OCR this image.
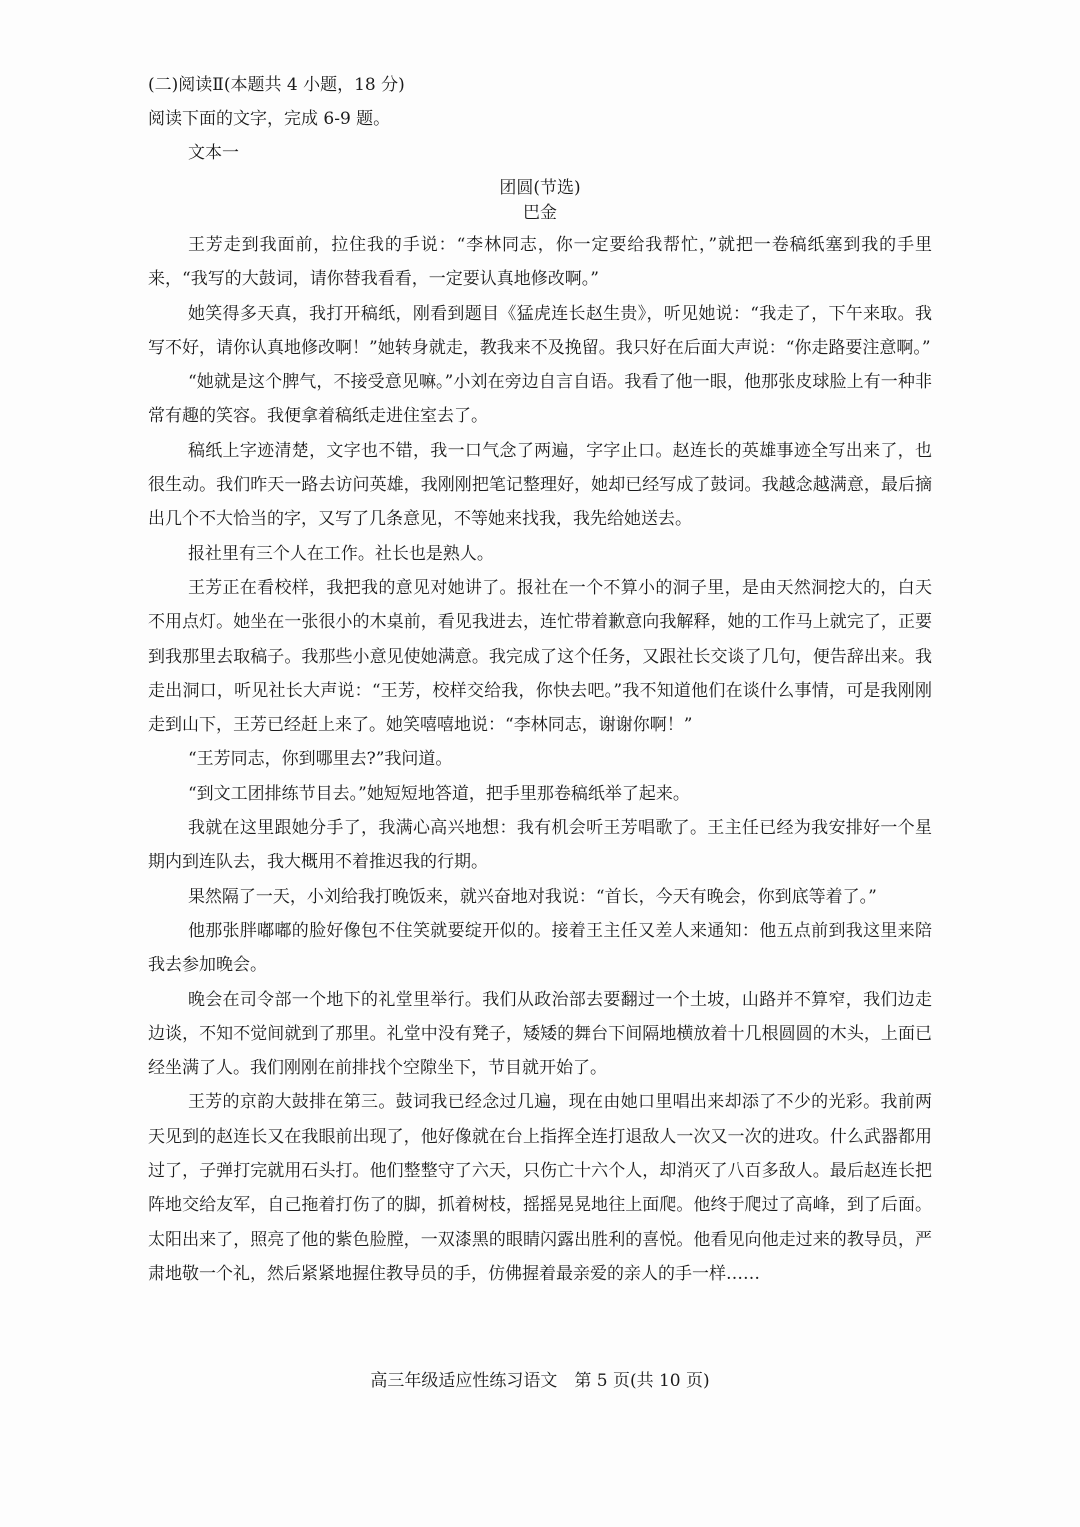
(二)阅读Ⅱ(本题共 4 小题，18 分)

阅读下面的文字，完成 6-9 题。

文本一

团圆(节选)

巴金

王芳走到我面前，拉住我的手说：“李林同志，你一定要给我帮忙，”就把一卷稿纸塞到我的手里来，“我写的大鼓词，请你替我看看，一定要认真地修改啊。”

她笑得多天真，我打开稿纸，刚看到题目《猛虎连长赵生贵》，听见她说：“我走了，下午来取。我写不好，请你认真地修改啊！”她转身就走，教我来不及挽留。我只好在后面大声说：“你走路要注意啊。”

“她就是这个脾气，不接受意见嘛。”小刘在旁边自言自语。我看了他一眼，他那张皮球脸上有一种非常有趣的笑容。我便拿着稿纸走进住室去了。

稿纸上字迹清楚，文字也不错，我一口气念了两遍，字字止口。赵连长的英雄事迹全写出来了，也很生动。我们昨天一路去访问英雄，我刚刚把笔记整理好，她却已经写成了鼓词。我越念越满意，最后摘出几个不大恰当的字，又写了几条意见，不等她来找我，我先给她送去。

报社里有三个人在工作。社长也是熟人。

王芳正在看校样，我把我的意见对她讲了。报社在一个不算小的洞子里，是由天然洞挖大的，白天不用点灯。她坐在一张很小的木桌前，看见我进去，连忙带着歉意向我解释，她的工作马上就完了，正要到我那里去取稿子。我那些小意见使她满意。我完成了这个任务，又跟社长交谈了几句，便告辞出来。我走出洞口，听见社长大声说：“王芳，校样交给我，你快去吧。”我不知道他们在谈什么事情，可是我刚刚走到山下，王芳已经赶上来了。她笑嘻嘻地说：“李林同志，谢谢你啊！”

“王芳同志，你到哪里去?”我问道。

“到文工团排练节目去。”她短短地答道，把手里那卷稿纸举了起来。

我就在这里跟她分手了，我满心高兴地想：我有机会听王芳唱歌了。王主任已经为我安排好一个星期内到连队去，我大概用不着推迟我的行期。

果然隔了一天，小刘给我打晚饭来，就兴奋地对我说：“首长，今天有晚会，你到底等着了。”

他那张胖嘟嘟的脸好像包不住笑就要绽开似的。接着王主任又差人来通知：他五点前到我这里来陪我去参加晚会。

晚会在司令部一个地下的礼堂里举行。我们从政治部去要翻过一个土坡，山路并不算窄，我们边走边谈，不知不觉间就到了那里。礼堂中没有凳子，矮矮的舞台下间隔地横放着十几根圆圆的木头，上面已经坐满了人。我们刚刚在前排找个空隙坐下，节目就开始了。

王芳的京韵大鼓排在第三。鼓词我已经念过几遍，现在由她口里唱出来却添了不少的光彩。我前两天见到的赵连长又在我眼前出现了，他好像就在台上指挥全连打退敌人一次又一次的进攻。什么武器都用过了，子弹打完就用石头打。他们整整守了六天，只伤亡十六个人，却消灭了八百多敌人。最后赵连长把阵地交给友军，自己拖着打伤了的脚，抓着树枝，摇摇晃晃地往上面爬。他终于爬过了高峰，到了后面。太阳出来了，照亮了他的紫色脸膛，一双漆黑的眼睛闪露出胜利的喜悦。他看见向他走过来的教导员，严肃地敬一个礼，然后紧紧地握住教导员的手，仿佛握着最亲爱的亲人的手一样……

高三年级适应性练习语文　第 5 页(共 10 页)
